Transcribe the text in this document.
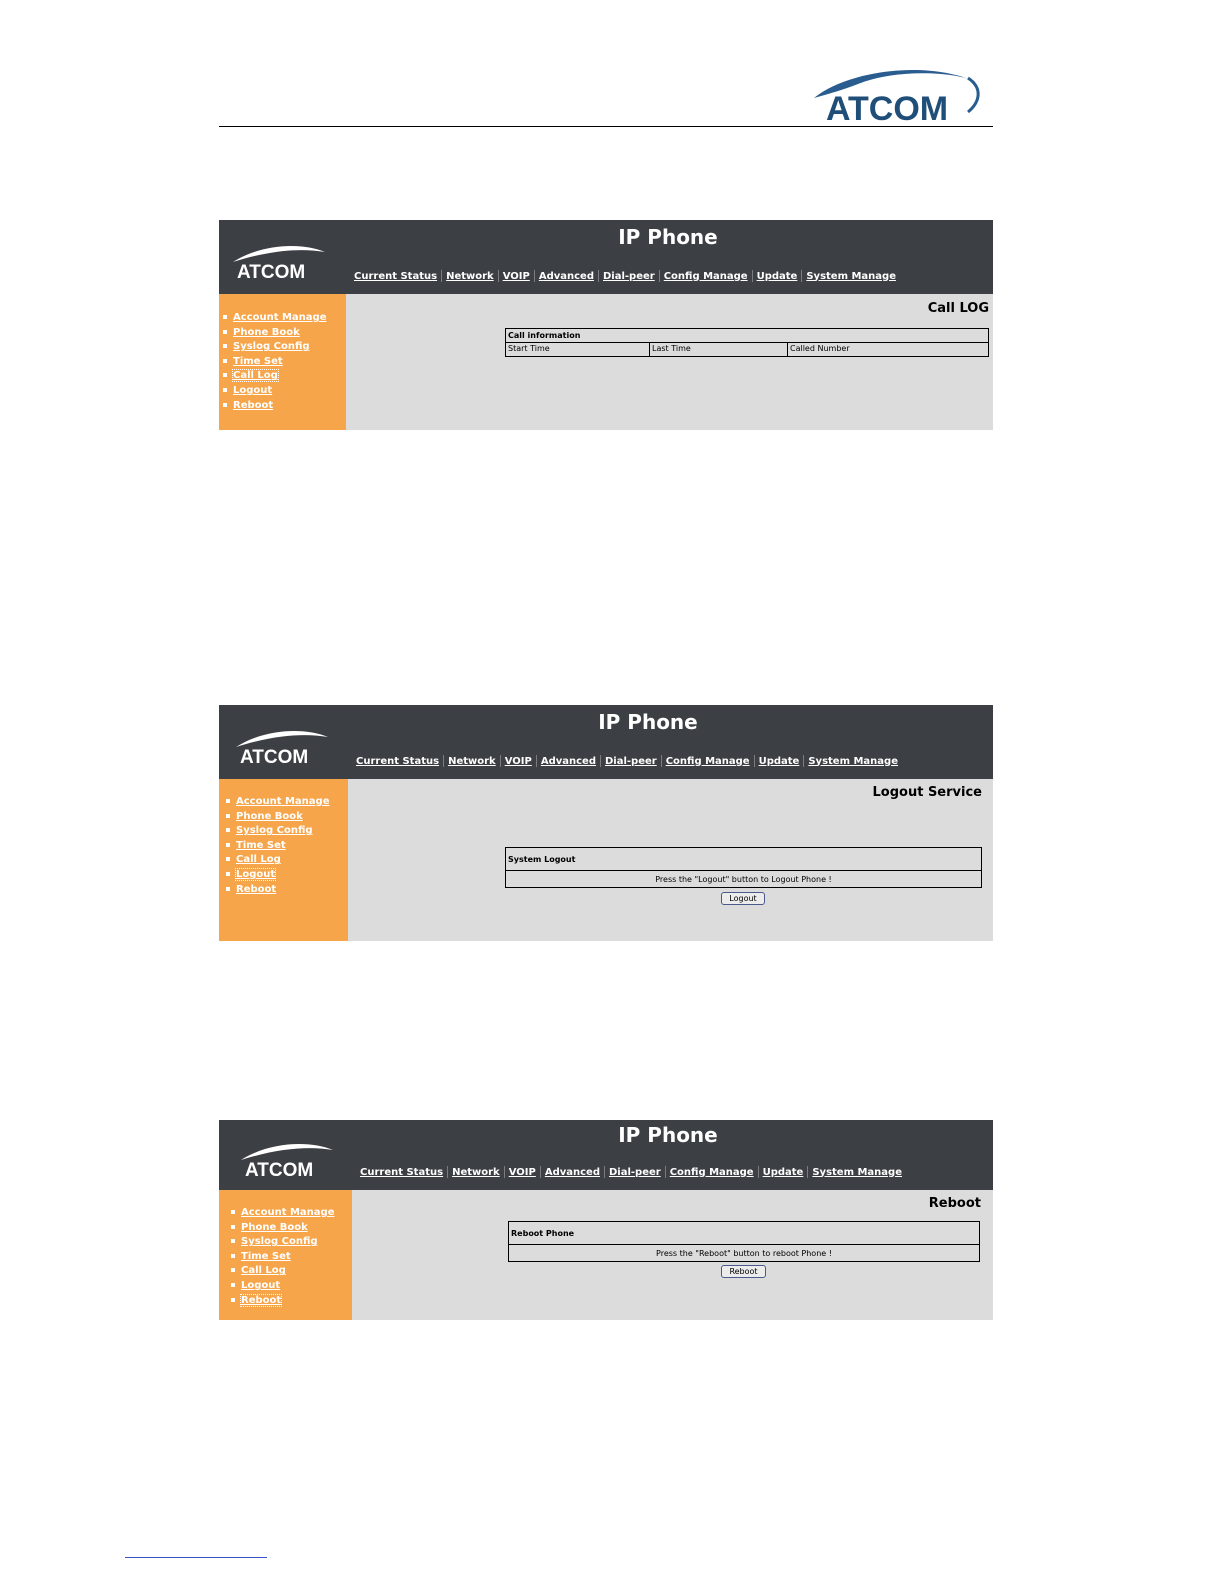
ATCOM
ATCOM
IP Phone
Current Status Network VOIP Advanced Dial-peer Config Manage Update System Manage
Account Manage
Phone Book
Syslog Config
Time Set
Call Log
Logout
Reboot
Call LOG
Call information
Start Time	Last Time	Called Number
ATCOM
IP Phone
Current Status Network VOIP Advanced Dial-peer Config Manage Update System Manage
Account Manage
Phone Book
Syslog Config
Time Set
Call Log
Logout
Reboot
Logout Service
System Logout
Press the "Logout" button to Logout Phone !
Logout
ATCOM
IP Phone
Current Status Network VOIP Advanced Dial-peer Config Manage Update System Manage
Account Manage
Phone Book
Syslog Config
Time Set
Call Log
Logout
Reboot
Reboot
Reboot Phone
Press the "Reboot" button to reboot Phone !
Reboot
